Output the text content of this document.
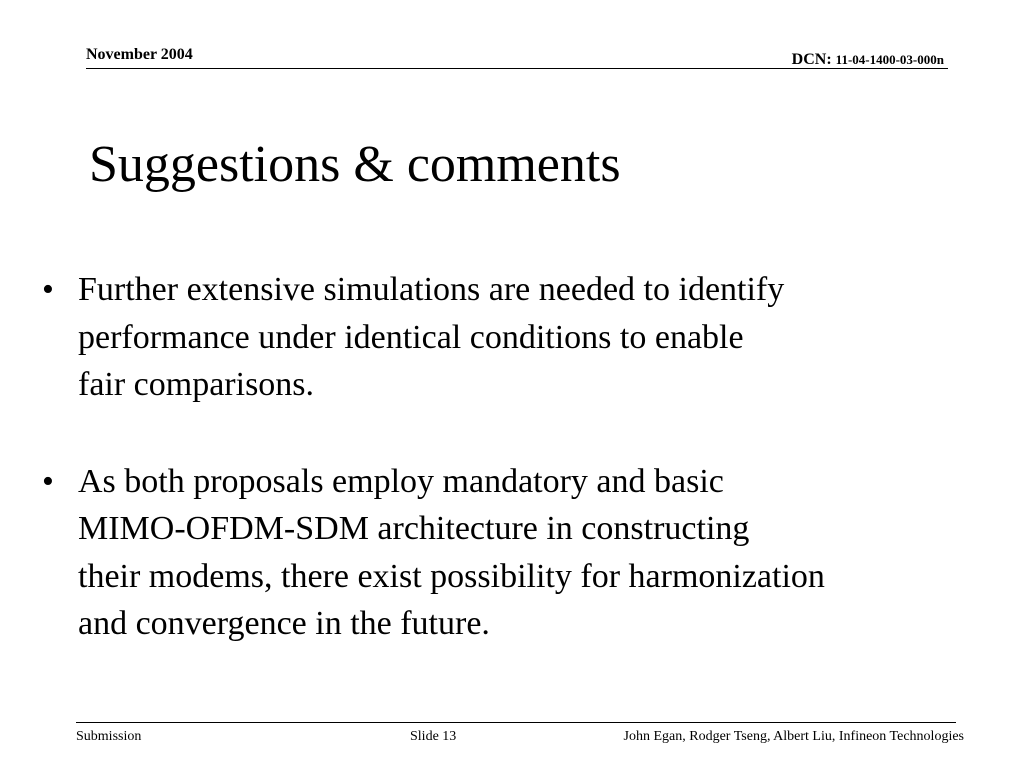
November 2004	DCN: 11-04-1400-03-000n
Suggestions & comments
• Further extensive simulations are needed to identify
performance under identical conditions to enable
fair comparisons.
• As both proposals employ mandatory and basic
MIMO-OFDM-SDM architecture in constructing
their modems, there exist possibility for harmonization
and convergence in the future.
Submission	Slide 13	John Egan, Rodger Tseng, Albert Liu, Infineon Technologies
